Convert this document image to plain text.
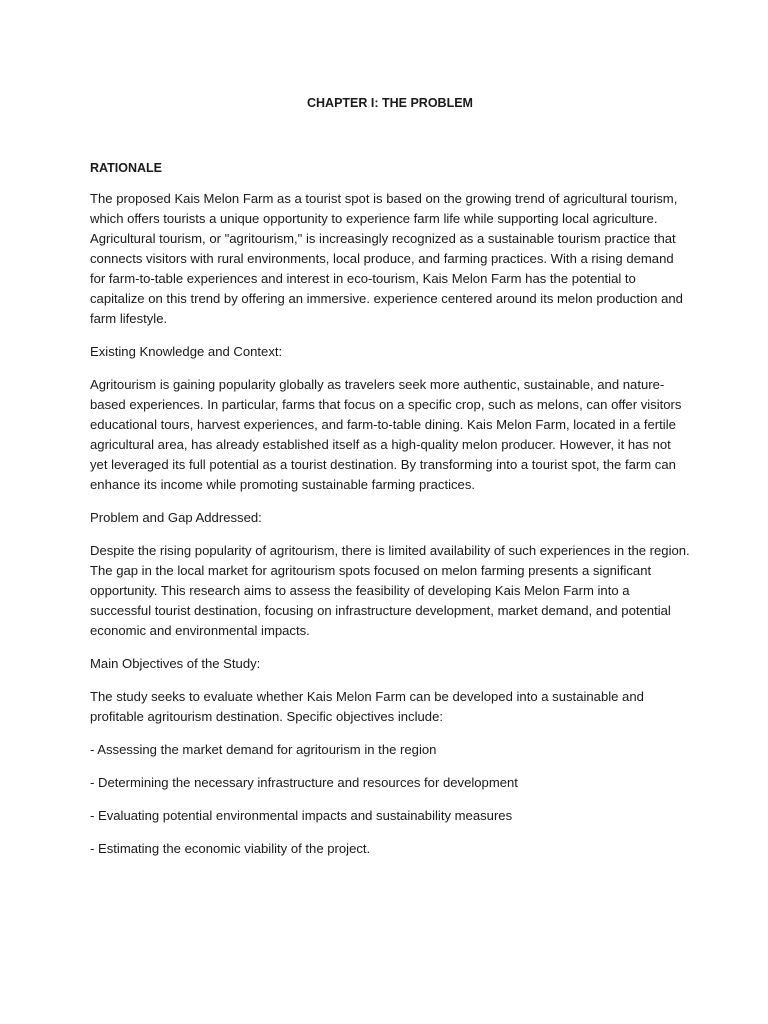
CHAPTER I: THE PROBLEM
RATIONALE

The proposed Kais Melon Farm as a tourist spot is based on the growing trend of agricultural tourism, which offers tourists a unique opportunity to experience farm life while supporting local agriculture. Agricultural tourism, or "agritourism," is increasingly recognized as a sustainable tourism practice that connects visitors with rural environments, local produce, and farming practices. With a rising demand for farm-to-table experiences and interest in eco-tourism, Kais Melon Farm has the potential to capitalize on this trend by offering an immersive. experience centered around its melon production and farm lifestyle.

Existing Knowledge and Context:

Agritourism is gaining popularity globally as travelers seek more authentic, sustainable, and nature-based experiences. In particular, farms that focus on a specific crop, such as melons, can offer visitors educational tours, harvest experiences, and farm-to-table dining. Kais Melon Farm, located in a fertile agricultural area, has already established itself as a high-quality melon producer. However, it has not yet leveraged its full potential as a tourist destination. By transforming into a tourist spot, the farm can enhance its income while promoting sustainable farming practices.

Problem and Gap Addressed:

Despite the rising popularity of agritourism, there is limited availability of such experiences in the region. The gap in the local market for agritourism spots focused on melon farming presents a significant opportunity. This research aims to assess the feasibility of developing Kais Melon Farm into a successful tourist destination, focusing on infrastructure development, market demand, and potential economic and environmental impacts.

Main Objectives of the Study:

The study seeks to evaluate whether Kais Melon Farm can be developed into a sustainable and profitable agritourism destination. Specific objectives include:

- Assessing the market demand for agritourism in the region

- Determining the necessary infrastructure and resources for development

- Evaluating potential environmental impacts and sustainability measures

- Estimating the economic viability of the project.
